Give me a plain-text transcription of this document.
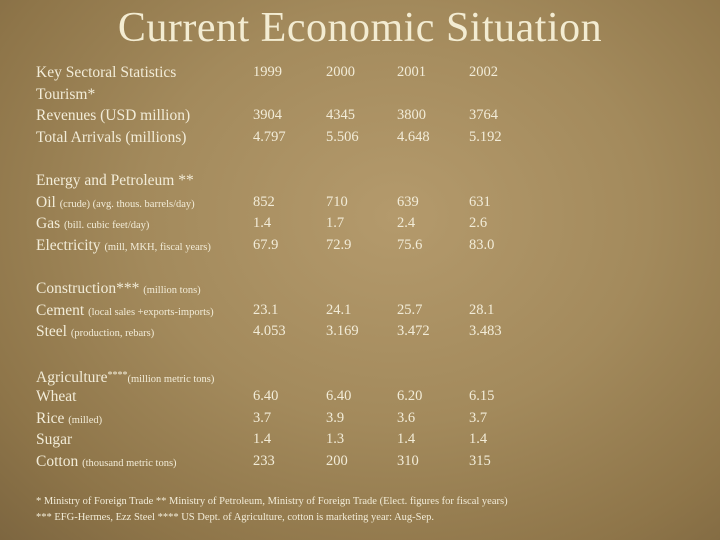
Current Economic Situation
Key Sectoral Statistics	1999	2000	2001	2002
Tourism*
Revenues (USD million)	3904	4345	3800	3764
Total Arrivals (millions)	4.797	5.506	4.648	5.192
Energy and Petroleum **
Oil (crude) (avg. thous. barrels/day)	852	710	639	631
Gas (bill. cubic feet/day)	1.4	1.7	2.4	2.6
Electricity (mill, MKH, fiscal years)	67.9	72.9	75.6	83.0
Construction*** (million tons)
Cement (local sales +exports-imports)	23.1	24.1	25.7	28.1
Steel (production, rebars)	4.053	3.169	3.472	3.483
Agriculture****(million metric tons)
Wheat	6.40	6.40	6.20	6.15
Rice (milled)	3.7	3.9	3.6	3.7
Sugar	1.4	1.3	1.4	1.4
Cotton (thousand metric tons)	233	200	310	315
* Ministry of Foreign Trade ** Ministry of Petroleum, Ministry of Foreign Trade (Elect. figures for fiscal years)
*** EFG-Hermes, Ezz Steel **** US Dept. of Agriculture, cotton is marketing year: Aug-Sep.
